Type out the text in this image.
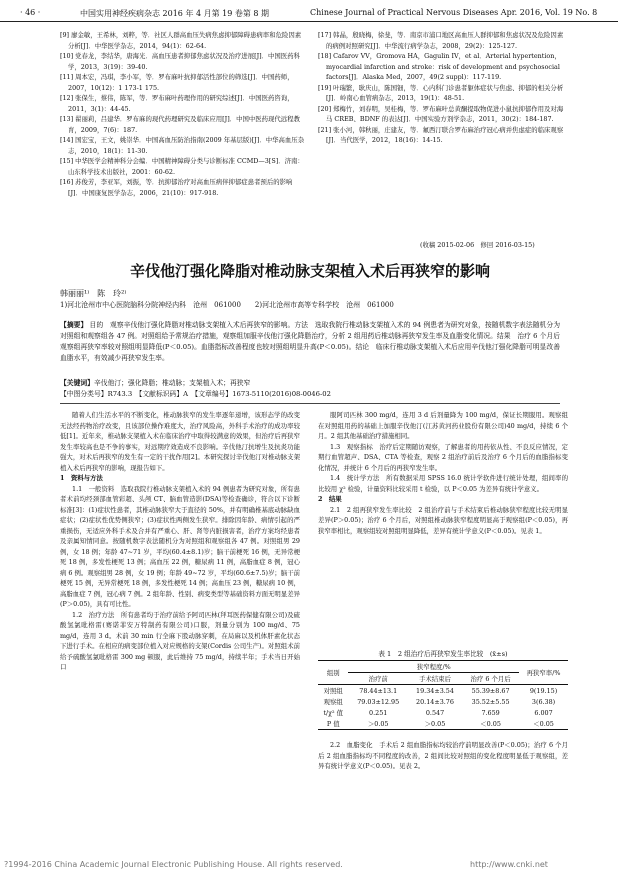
· 46 ·	中国实用神经疾病杂志 2016 年 4 月第 19 卷第 8 期	Chinese Journal of Practical Nervous Diseases Apr. 2016, Vol. 19 No. 8

[9] 廖金敏，王希林，刘粹，等．社区人群高血压失病焦虑抑郁障碍患病率和危险因素分析[J]．中华医学杂志，2014，94(1)：62-64.

[10] 党春龙，李结华，唐海光．高血压患者抑郁焦虑状况及治疗进展[J]．中国医药科学，2013，3(19)：39-40.

[11] 周本宏，冯琪，李小军，等．罗布麻叶抗抑郁活性部位的筛选[J]．中国药师，2007，10(12)：1 173-1 175.

[12] 张保生，蔡伟，陈军，等．罗布麻叶药理作用的研究综述[J]．中国医药咨询，2011，3(1)：44-45.

[13] 翟丽莉，吕建华．罗布麻的现代药理研究及临床应用[J]．中国中医药现代远程教育，2009，7(6)：187.

[14] 国宏宝，王文，姚崇华．中国高血压防治指南(2009 年基层版)[J]．中华高血压杂志，2010，18(1)：11-30.

[15] 中华医学会精神科分会编．中国精神障碍分类与诊断标准 CCMD—3[S]．济南：山东科学技术出版社，2001：60-62.

[16] 苏俊芳，李亚军，刘振，等．抗抑郁治疗对高血压病伴抑郁症患者预后的影响[J]．中国康复医学杂志，2006，21(10)：917-918.

[17] 韩晶，殷晓梅，徐斐，等．南京市浦口地区高血压人群抑郁和焦虑状况及危险因素的病例对照研究[J]．中华流行病学杂志，2008，29(2)：125-127.

[18] Cafarov VV，Gromova HA，Gagulin IV，et al．Arterial hypertention，myocardial infarction and stroke：risk of development and psychosocial factors[J]．Alaska Med，2007，49(2 suppl)：117-119.

[19] 叶瑞繁，耿庆山，陈国钿，等．心内科门诊患者躯体症状与焦虑、抑郁的相关分析[J]．岭南心血管病杂志，2013，19(1)：48-51.

[20] 郑梅竹，刘春明，吴桂梅，等．罗布麻叶总黄酮提取物促进小鼠抗抑郁作用及对海马 CREB、BDNF 的表达[J]．中国实验方剂学杂志，2011，30(2)：184-187.

[21] 张小河，韩秋丽，庄建友，等．氟西汀联合罗布麻治疗冠心病并焦虑症的临床观察[J]．当代医学，2012，18(16)：14-15.

(收稿 2015-02-06　修回 2016-03-15)
辛伐他汀强化降脂对椎动脉支架植入术后再狭窄的影响
韩丽丽¹⁾　陈　玲²⁾
1)河北沧州市中心医院脑科分院神经内科　沧州　061000　　2)河北沧州市高等专科学校　沧州　061000
【摘要】 目的　观察辛伐他汀强化降脂对椎动脉支架植入术后再狭窄的影响。方法　选取我院行椎动脉支架植入术的 94 例患者为研究对象，按随机数字表法随机分为对照组和观察组各 47 例。对照组给予常规治疗措施，观察组加服辛伐他汀强化降脂治疗，分析 2 组用药后椎动脉再狭窄发生率及血脂变化情况。结果　治疗 6 个月后观察组再狭窄率较对照组明显降低(P＜0.05)。血脂指标改善程度也较对照组明显升高(P＜0.05)。结论　临床行椎动脉支架植入术后应用辛伐他汀强化降脂可明显改善血脂水平，有效减少再狭窄发生率。
【关键词】辛伐他汀；强化降脂；椎动脉；支架植入术；再狭窄
【中图分类号】R743.3　【文献标识码】A　【文章编号】1673-5110(2016)08-0046-02

随着人们生活水平的不断变化，椎动脉狭窄的发生率逐年递增，该形态学的改变无法经药物治疗改变，且该部位操作难度大，治疗风险高，外科手术治疗的成功率较低[1]。近年来，椎动脉支架植入术在临床治疗中取得较满意的效果，但治疗后再狭窄发生率较高也是不争的事实，对远期疗效造成不良影响。辛伐他汀抗增生及抗炎功能强大，对术后再狭窄的发生有一定的干扰作用[2]。本研究探讨辛伐他汀对椎动脉支架植入术后再狭窄的影响，现报告如下。

1　资料与方法

1.1　一般资料　选取我院行椎动脉支架植入术的 94 例患者为研究对象，所有患者术前均经颈部血管彩超、头颅 CT、脑血管造影(DSA)等检查确诊，符合以下诊断标准[3]：(1)症状性患者，其椎动脉狭窄大于直径的 50%，并有明确椎基底动脉缺血症状；(2)症状性优势侧狭窄；(3)症状性两侧发生狭窄。排除因年龄、病情引起的严重损伤，无适应外科手术及合并有严重心、肝、肾等内脏损害者，治疗方案均经患者及亲属知情同意。按随机数字表法随机分为对照组和观察组各 47 例。对照组男 29 例，女 18 例；年龄 47~71 岁，平均(60.4±8.1)岁；脑干前梗死 16 例，无异常梗死 18 例，多发性梗死 13 例；高血压 22 例，糖尿病 11 例，高脂血症 8 例，冠心病 6 例。观察组男 28 例，女 19 例；年龄 49~72 岁，平均(60.6±7.5)岁；脑干前梗死 15 例，无异常梗死 18 例，多发性梗死 14 例；高血压 23 例，糖尿病 10 例，高脂血症 7 例，冠心病 7 例。2 组年龄、性别、病变类型等基础资料方面无明显差异(P＞0.05)，具有可比性。

1.2　治疗方法　所有患者均于治疗前给予阿司匹林(拜耳医药保健有限公司)及硫酸氢氯吡格雷(赛诺菲安万特制药有限公司)口服，剂量分别为 100 mg/d、75 mg/d，连用 3 d。术前 30 min 行全麻下股动脉穿刺，在局麻以及机体肝素化状态下进行手术。在相应的病变部位植入对应规格的支架(Cordis 公司生产)。对照组术前给予硫酸氢氯吡格雷 300 mg 顿服，此后维持 75 mg/d，持续半年；手术当日开始口

服阿司匹林 300 mg/d，连用 3 d 后剂量降为 100 mg/d，保证长期服用。观察组在对照组用药的基础上加服辛伐他汀(江苏黄河药业股份有限公司)40 mg/d，持续 6 个月。2 组其他基础治疗措施相同。

1.3　观察指标　治疗后定期随访观察，了解患者的用药依从性、不良反应情况，定期行血管超声、DSA、CTA 等检查，观察 2 组治疗前后及治疗 6 个月后的血脂指标变化情况，并统计 6 个月后的再狭窄发生率。

1.4　统计学方法　所有数据采用 SPSS 16.0 统计学软件进行统计处理，组间率的比较用 χ² 检验，计量资料比较采用 t 检验，以 P＜0.05 为差异有统计学意义。

2　结果

2.1　2 组再狭窄发生率比较　2 组治疗前与手术结束后椎动脉狭窄程度比较无明显差异(P＞0.05)；治疗 6 个月后，对照组椎动脉狭窄程度明显高于观察组(P＜0.05)，再狭窄率相比，观察组较对照组明显降低，差异有统计学意义(P＜0.05)。见表 1。

表 1　2 组治疗后再狭窄发生率比较　(x̄±s)
组别	狭窄程度/%			再狭窄率/%
	治疗前	手术结束后	治疗 6 个月后	
对照组	78.44±13.1	19.34±3.54	55.39±8.67	9(19.15)
观察组	79.03±12.95	20.14±3.76	35.52±5.55	3(6.38)
t/χ² 值	0.251	0.547	7.659	6.007
P 值	＞0.05	＞0.05	＜0.05	＜0.05

2.2　血脂变化　手术后 2 组血脂指标均较治疗前明显改善(P＜0.05)；治疗 6 个月后 2 组血脂指标均不同程度的改善，2 组间比较对照组的变化程度明显低于观察组，差异有统计学意义(P＜0.05)。见表 2。

?1994-2016 China Academic Journal Electronic Publishing House. All rights reserved.	http://www.cnki.net
